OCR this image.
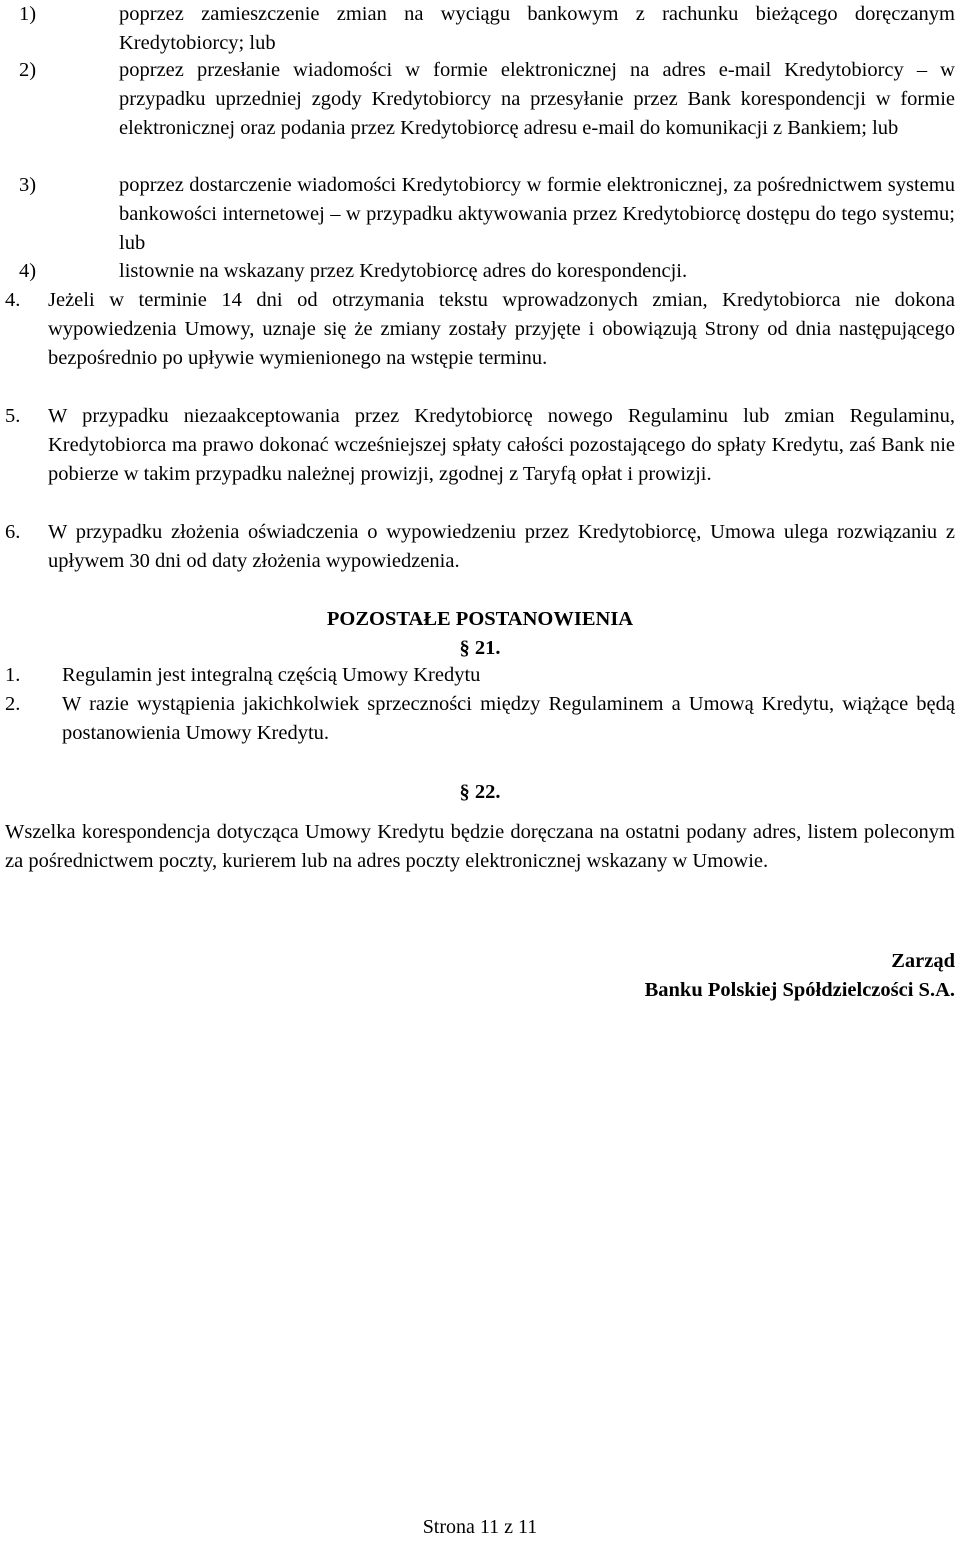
1)	poprzez zamieszczenie zmian na wyciągu bankowym z rachunku bieżącego doręczanym Kredytobiorcy; lub
2)	poprzez przesłanie wiadomości w formie elektronicznej na adres e-mail Kredytobiorcy – w przypadku uprzedniej zgody Kredytobiorcy na przesyłanie przez Bank korespondencji w formie elektronicznej oraz podania przez Kredytobiorcę adresu e-mail do komunikacji z Bankiem; lub
3)	poprzez dostarczenie wiadomości Kredytobiorcy w formie elektronicznej, za pośrednictwem systemu bankowości internetowej – w przypadku aktywowania przez Kredytobiorcę dostępu do tego systemu; lub
4)	listownie na wskazany przez Kredytobiorcę adres do korespondencji.
4. Jeżeli w terminie 14 dni od otrzymania tekstu wprowadzonych zmian, Kredytobiorca nie dokona wypowiedzenia Umowy, uznaje się że zmiany zostały przyjęte i obowiązują Strony od dnia następującego bezpośrednio po upływie wymienionego na wstępie terminu.
5. W przypadku niezaakceptowania przez Kredytobiorcę nowego Regulaminu lub zmian Regulaminu, Kredytobiorca ma prawo dokonać wcześniejszej spłaty całości pozostającego do spłaty Kredytu, zaś Bank nie pobierze w takim przypadku należnej prowizji, zgodnej z Taryfą opłat i prowizji.
6. W przypadku złożenia oświadczenia o wypowiedzeniu przez Kredytobiorcę, Umowa ulega rozwiązaniu z upływem 30 dni od daty złożenia wypowiedzenia.
POZOSTAŁE POSTANOWIENIA
§ 21.
1. Regulamin jest integralną częścią Umowy Kredytu
2. W razie wystąpienia jakichkolwiek sprzeczności między Regulaminem a Umową Kredytu, wiążące będą postanowienia Umowy Kredytu.
§ 22.
Wszelka korespondencja dotycząca Umowy Kredytu będzie doręczana na ostatni podany adres, listem poleconym za pośrednictwem poczty, kurierem lub na adres poczty elektronicznej wskazany w Umowie.
Zarząd
Banku Polskiej Spółdzielczości S.A.
Strona 11 z 11
